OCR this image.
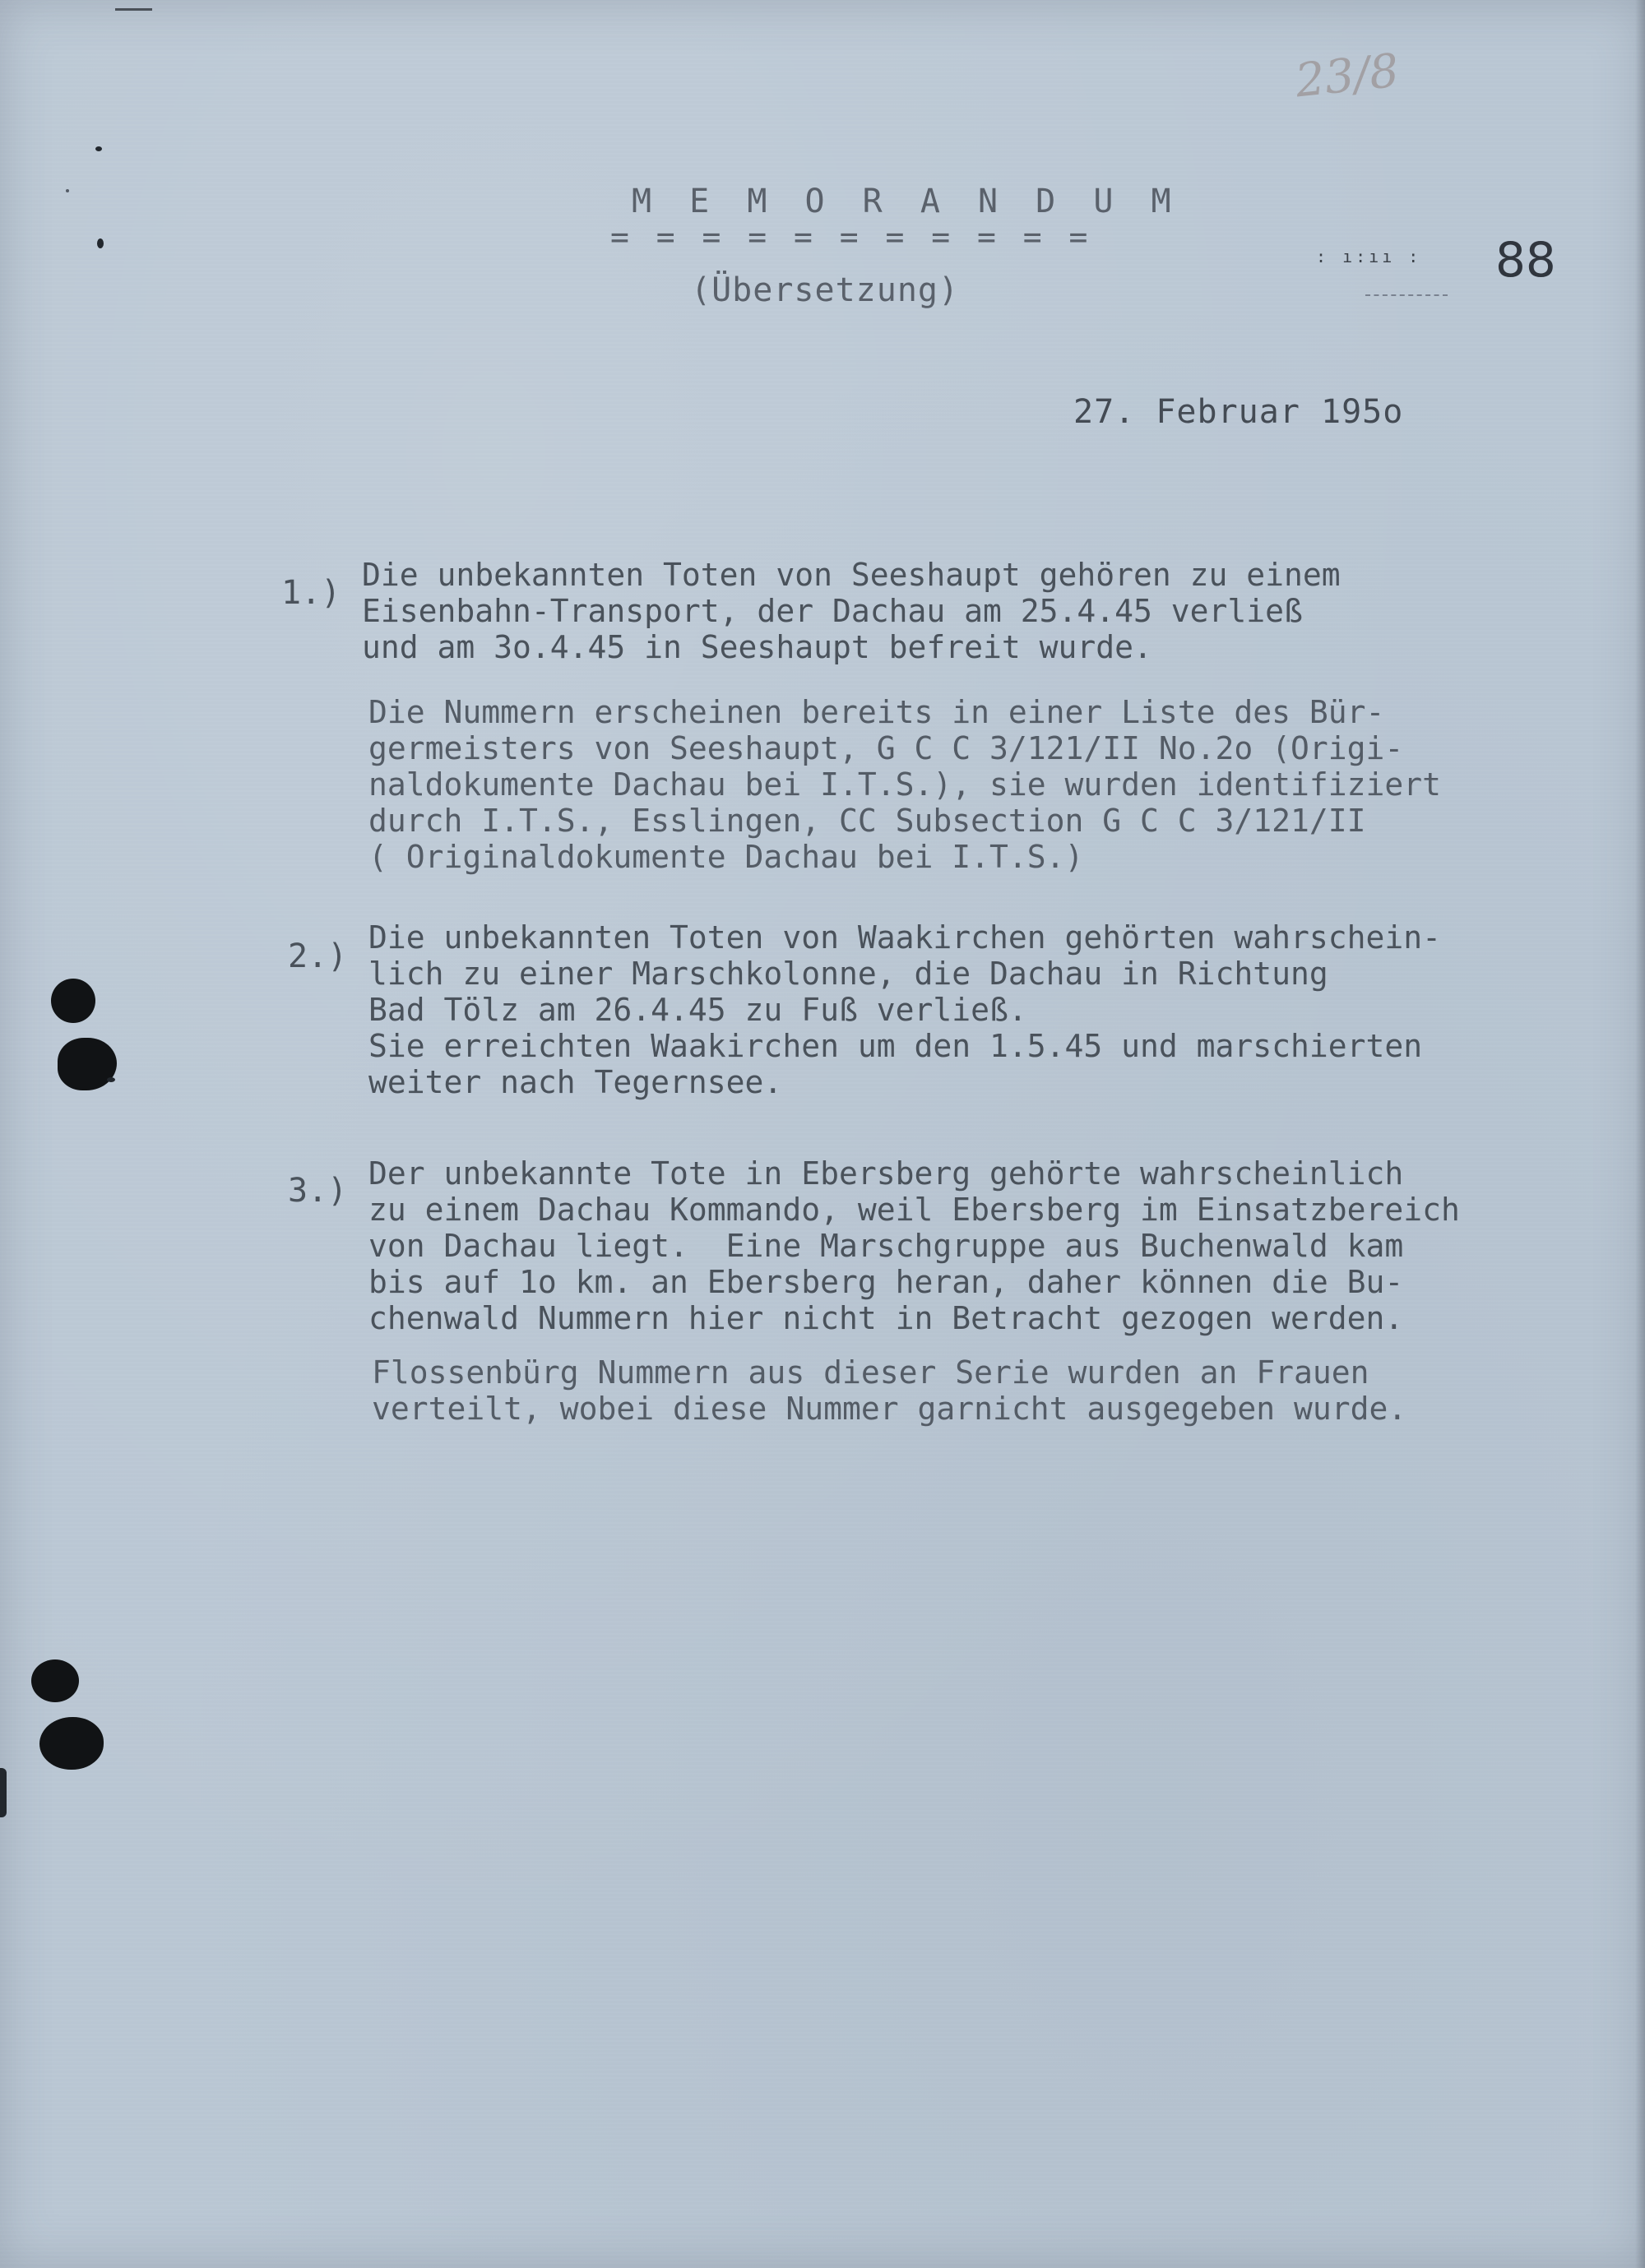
23/8
: ı:ıı : 88
M E M O R A N D U M
= = = = = = = = = = =
(Übersetzung)
27. Februar 195o
1.) Die unbekannten Toten von Seeshaupt gehören zu einem
Eisenbahn-Transport, der Dachau am 25.4.45 verließ
und am 3o.4.45 in Seeshaupt befreit wurde.

Die Nummern erscheinen bereits in einer Liste des Bür-
germeisters von Seeshaupt, G C C 3/121/II No.2o (Origi-
naldokumente Dachau bei I.T.S.), sie wurden identifiziert
durch I.T.S., Esslingen, CC Subsection G C C 3/121/II
( Originaldokumente Dachau bei I.T.S.)

2.) Die unbekannten Toten von Waakirchen gehörten wahrschein-
lich zu einer Marschkolonne, die Dachau in Richtung
Bad Tölz am 26.4.45 zu Fuß verließ.
Sie erreichten Waakirchen um den 1.5.45 und marschierten
weiter nach Tegernsee.

3.) Der unbekannte Tote in Ebersberg gehörte wahrscheinlich
zu einem Dachau Kommando, weil Ebersberg im Einsatzbereich
von Dachau liegt.  Eine Marschgruppe aus Buchenwald kam
bis auf 1o km. an Ebersberg heran, daher können die Bu-
chenwald Nummern hier nicht in Betracht gezogen werden.

Flossenbürg Nummern aus dieser Serie wurden an Frauen
verteilt, wobei diese Nummer garnicht ausgegeben wurde.
